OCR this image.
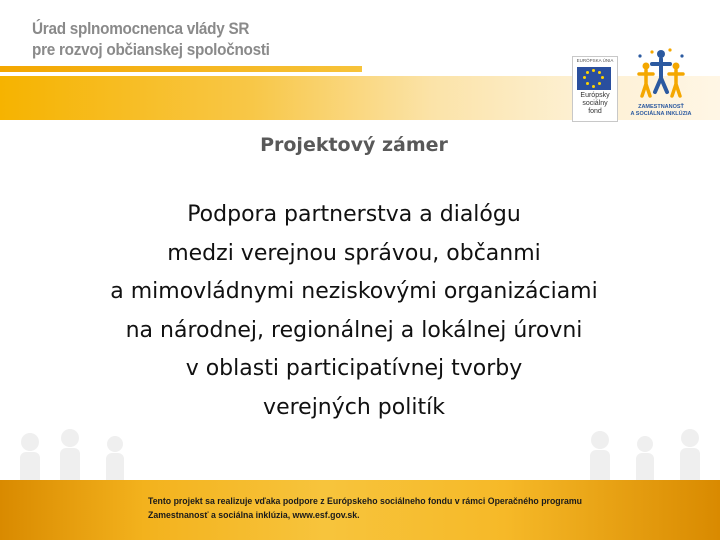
Úrad splnomocnenca vlády SR
pre rozvoj občianskej spoločnosti
EURÓPSKA ÚNIA
Európsky
sociálny
fond
ZAMESTNANOSŤ
A SOCIÁLNA INKLÚZIA
Projektový zámer
Podpora partnerstva a dialógu
medzi verejnou správou, občanmi
a mimovládnymi neziskovými organizáciami
na národnej, regionálnej a lokálnej úrovni
v oblasti participatívnej tvorby
verejných politík
Tento projekt sa realizuje vďaka podpore z Európskeho sociálneho fondu v rámci Operačného programu
Zamestnanosť a sociálna inklúzia, www.esf.gov.sk.
